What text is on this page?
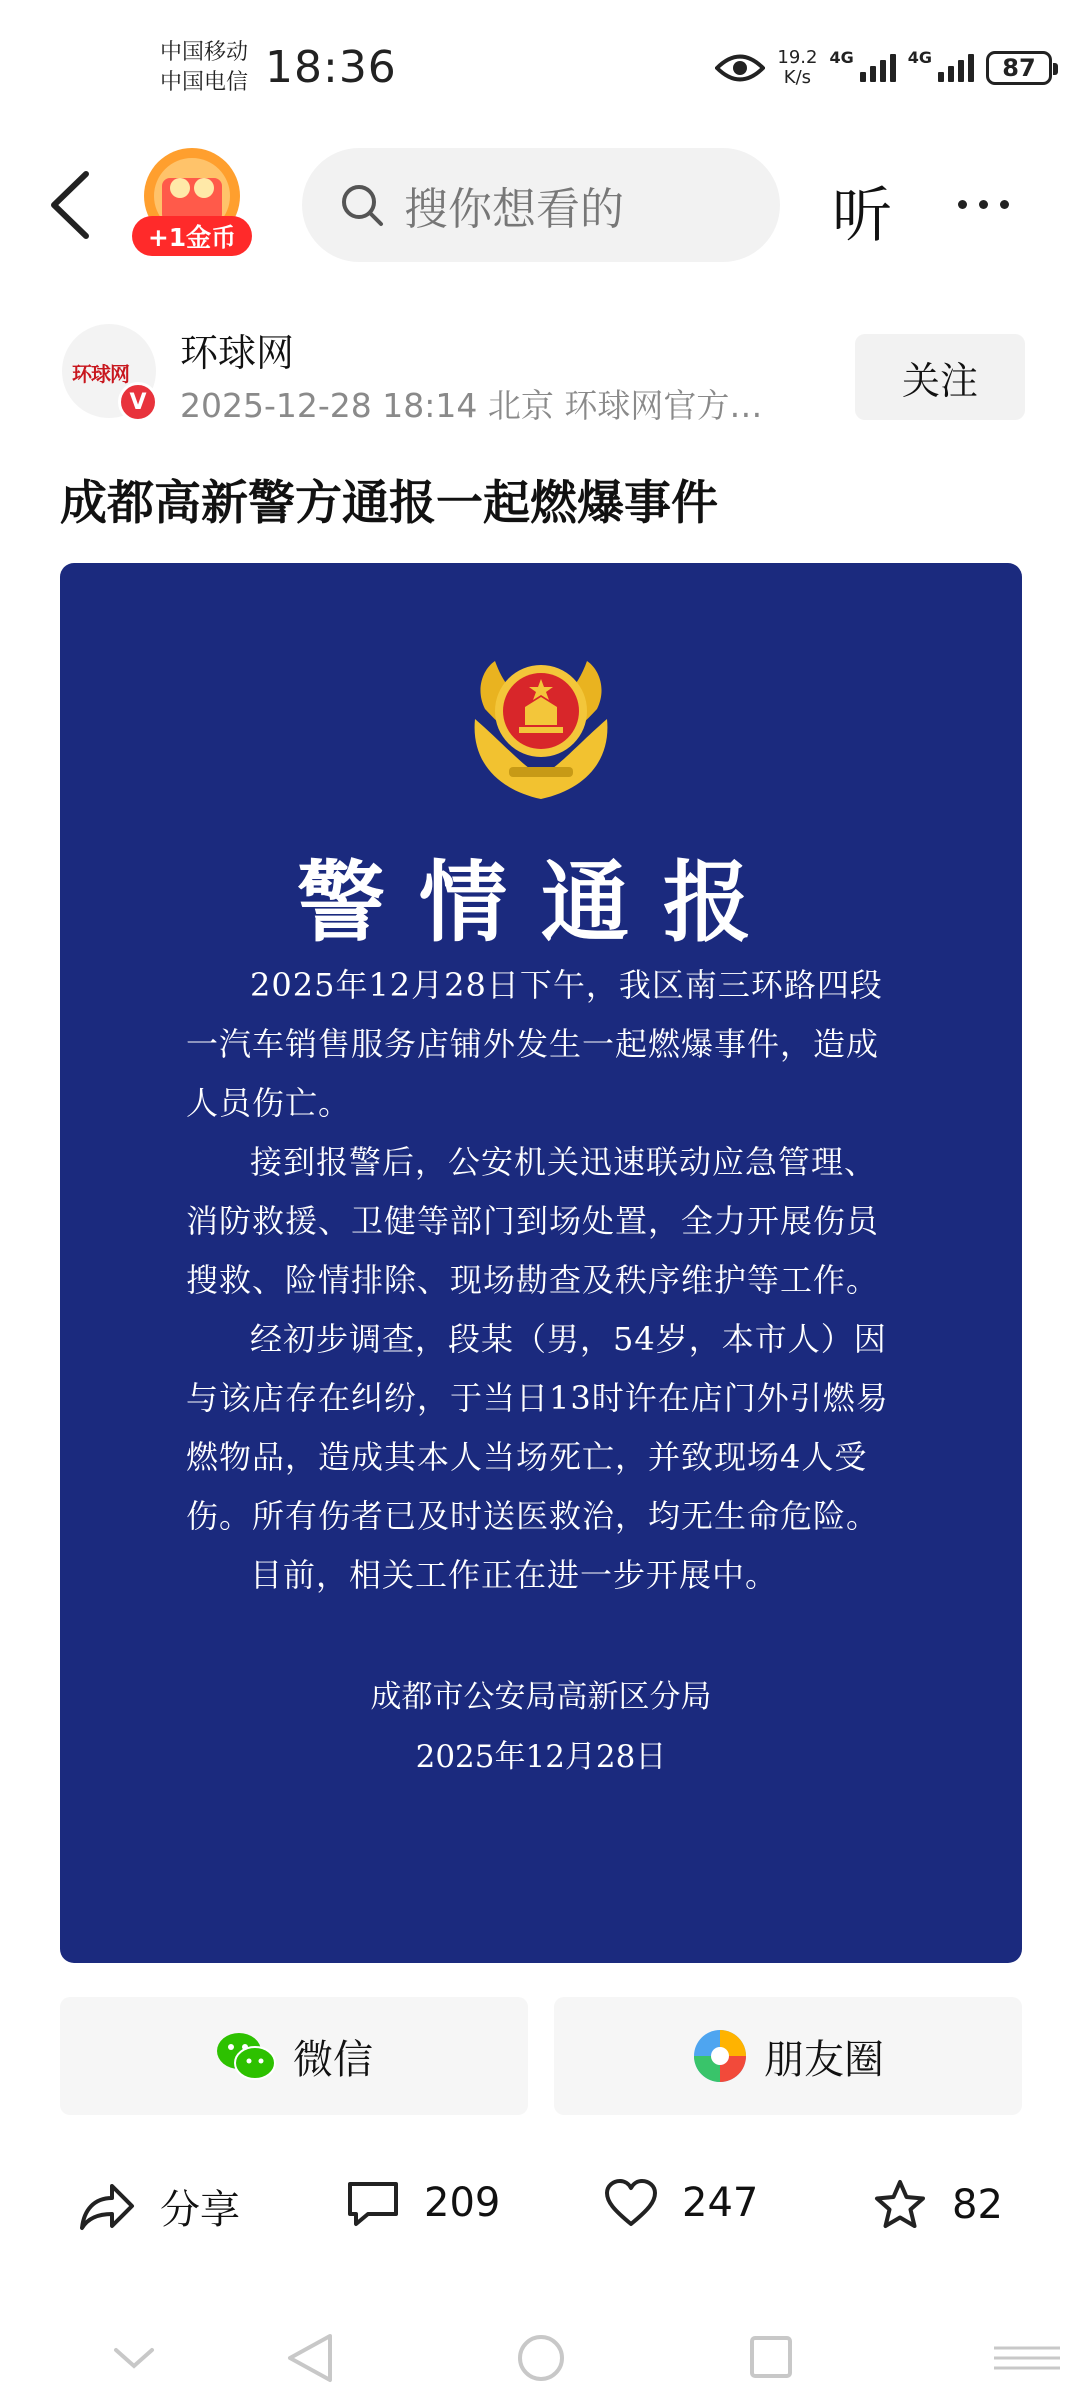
中国移动
中国电信 18:36	19.2
K/s
4G	4G	87
+1金币
搜你想看的	听
环球网
V
环球网
2025-12-28 18:14 北京 环球网官方…
关注
成都高新警方通报一起燃爆事件
警情通报

2025年12月28日下午，我区南三环路四段一汽车销售服务店铺外发生一起燃爆事件，造成人员伤亡。

接到报警后，公安机关迅速联动应急管理、消防救援、卫健等部门到场处置，全力开展伤员搜救、险情排除、现场勘查及秩序维护等工作。

经初步调查，段某（男，54岁，本市人）因与该店存在纠纷，于当日13时许在店门外引燃易燃物品，造成其本人当场死亡，并致现场4人受伤。所有伤者已及时送医救治，均无生命危险。

目前，相关工作正在进一步开展中。

成都市公安局高新区分局
2025年12月28日
微信	朋友圈
分享	209	247	82
